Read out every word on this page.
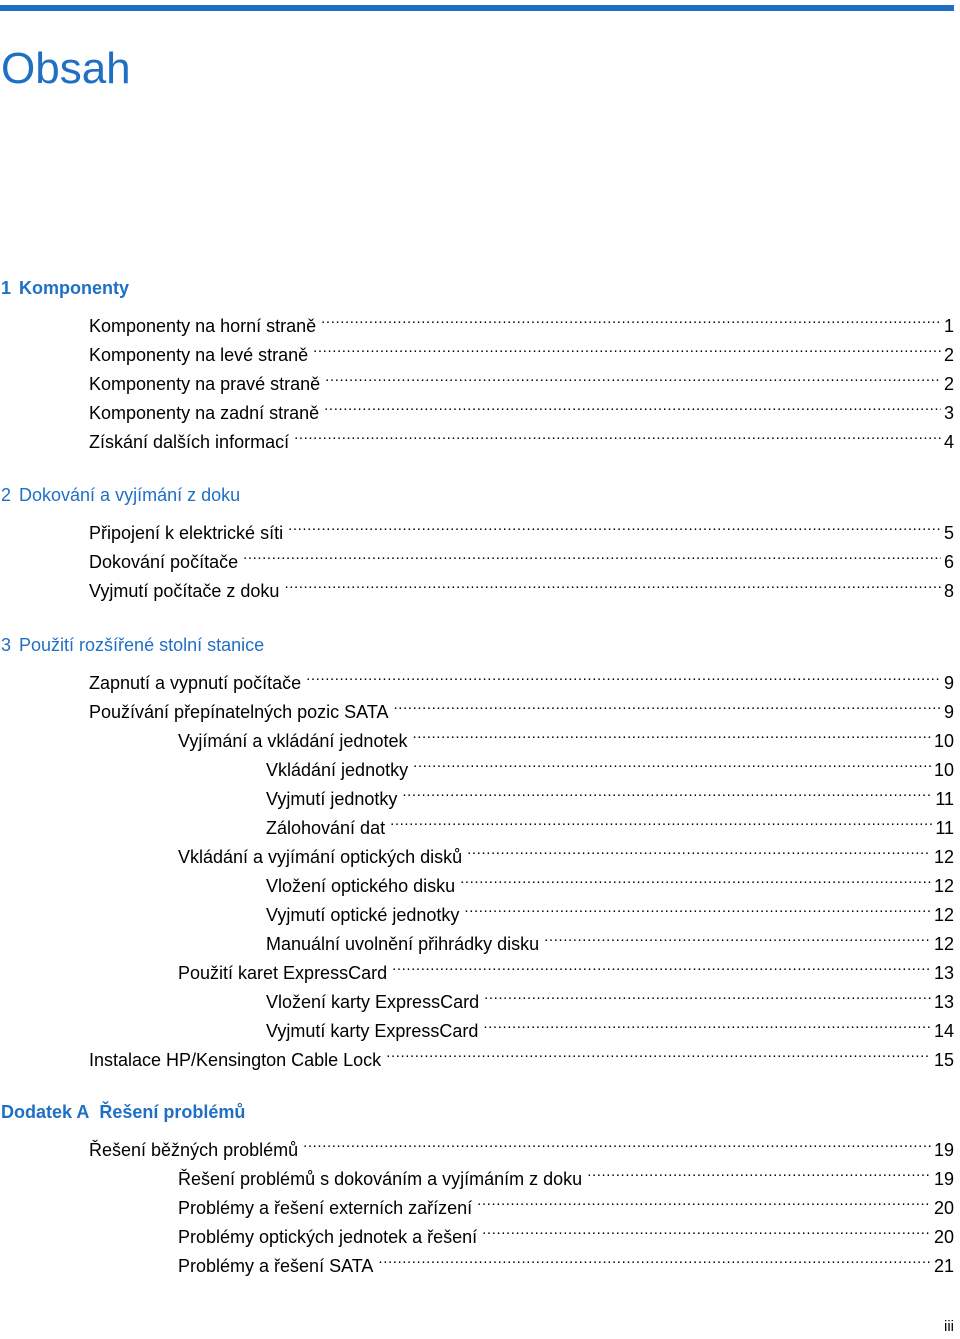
Obsah
1 Komponenty
Komponenty na horní straně .....	1
Komponenty na levé straně .....	2
Komponenty na pravé straně .....	2
Komponenty na zadní straně .....	3
Získání dalších informací .....	4
2 Dokování a vyjímání z doku
Připojení k elektrické síti .....	5
Dokování počítače .....	6
Vyjmutí počítače z doku .....	8
3 Použití rozšířené stolní stanice
Zapnutí a vypnutí počítače .....	9
Používání přepínatelných pozic SATA .....	9
Vyjímání a vkládání jednotek .....	10
Vkládání jednotky .....	10
Vyjmutí jednotky .....	11
Zálohování dat .....	11
Vkládání a vyjímání optických disků .....	12
Vložení optického disku .....	12
Vyjmutí optické jednotky .....	12
Manuální uvolnění přihrádky disku .....	12
Použití karet ExpressCard .....	13
Vložení karty ExpressCard .....	13
Vyjmutí karty ExpressCard .....	14
Instalace HP/Kensington Cable Lock .....	15
Dodatek A Řešení problémů
Řešení běžných problémů .....	19
Řešení problémů s dokováním a vyjímáním z doku .....	19
Problémy a řešení externích zařízení .....	20
Problémy optických jednotek a řešení .....	20
Problémy a řešení SATA .....	21
iii
